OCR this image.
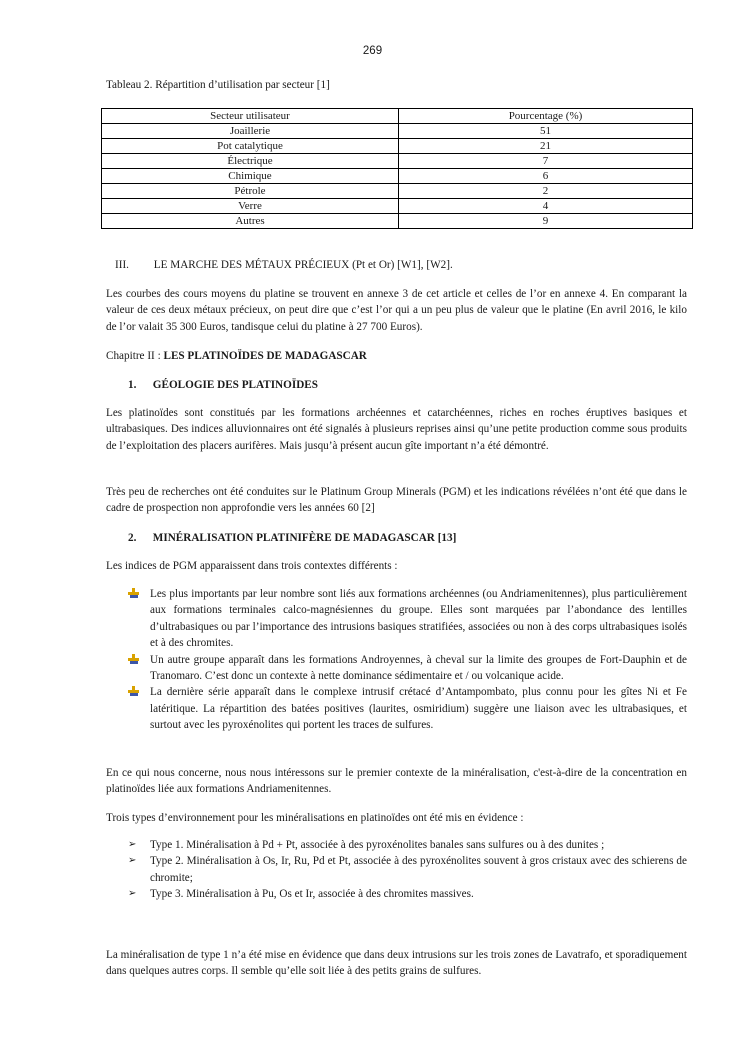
269
Tableau 2. Répartition d’utilisation par secteur [1]
Secteur utilisateur	Pourcentage (%)
Joaillerie	51
Pot catalytique	21
Électrique	7
Chimique	6
Pétrole	2
Verre	4
Autres	9
III. LE MARCHE DES MÉTAUX PRÉCIEUX (Pt et Or) [W1], [W2].

Les courbes des cours moyens du platine se trouvent en annexe 3 de cet article et celles de l’or en annexe 4. En comparant la valeur de ces deux métaux précieux, on peut dire que c’est l’or qui a un peu plus de valeur que le platine (En avril 2016, le kilo de l’or valait 35 300 Euros, tandisque celui du platine à 27 700 Euros).

Chapitre II : LES PLATINOÏDES DE MADAGASCAR
1. GÉOLOGIE DES PLATINOÏDES

Les platinoïdes sont constitués par les formations archéennes et catarchéennes, riches en roches éruptives basiques et ultrabasiques. Des indices alluvionnaires ont été signalés à plusieurs reprises ainsi qu’une petite production comme sous produits de l’exploitation des placers aurifères. Mais jusqu’à présent aucun gîte important n’a été démontré.

Très peu de recherches ont été conduites sur le Platinum Group Minerals (PGM) et les indications révélées n’ont été que dans le cadre de prospection non approfondie vers les années 60 [2]

2. MINÉRALISATION PLATINIFÈRE DE MADAGASCAR [13]

Les indices de PGM apparaissent dans trois contextes différents :

Les plus importants par leur nombre sont liés aux formations archéennes (ou Andriamenitennes), plus particulièrement aux formations terminales calco-magnésiennes du groupe. Elles sont marquées par l’abondance des lentilles d’ultrabasiques ou par l’importance des intrusions basiques stratifiées, associées ou non à des corps ultrabasiques isolés et à des chromites.
Un autre groupe apparaît dans les formations Androyennes, à cheval sur la limite des groupes de Fort-Dauphin et de Tranomaro. C’est donc un contexte à nette dominance sédimentaire et / ou volcanique acide.
La dernière série apparaît dans le complexe intrusif crétacé d’Antampombato, plus connu pour les gîtes Ni et Fe latéritique. La répartition des batées positives (laurites, osmiridium) suggère une liaison avec les ultrabasiques, et surtout avec les pyroxénolites qui portent les traces de sulfures.

En ce qui nous concerne, nous nous intéressons sur le premier contexte de la minéralisation, c'est-à-dire de la concentration en platinoïdes liée aux formations Andriamenitennes.

Trois types d’environnement pour les minéralisations en platinoïdes ont été mis en évidence :

➢ Type 1. Minéralisation à Pd + Pt, associée à des pyroxénolites banales sans sulfures ou à des dunites ;
➢ Type 2. Minéralisation à Os, Ir, Ru, Pd et Pt, associée à des pyroxénolites souvent à gros cristaux avec des schierens de chromite;
➢ Type 3. Minéralisation à Pu, Os et Ir, associée à des chromites massives.

La minéralisation de type 1 n’a été mise en évidence que dans deux intrusions sur les trois zones de Lavatrafo, et sporadiquement dans quelques autres corps. Il semble qu’elle soit liée à des petits grains de sulfures.
